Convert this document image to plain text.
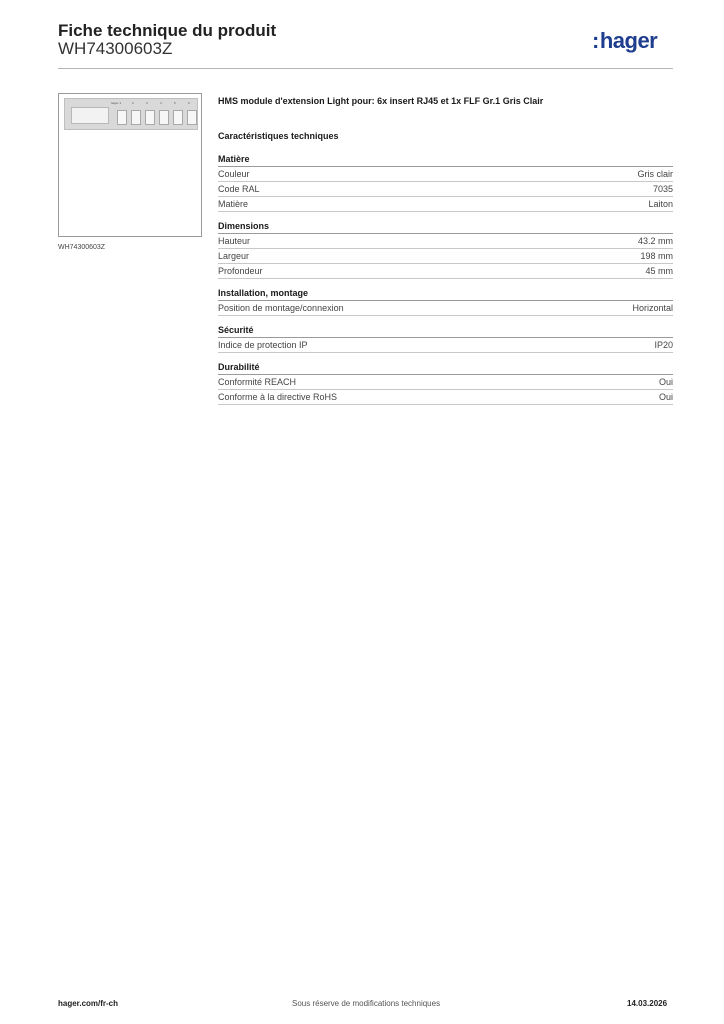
Fiche technique du produit
WH74300603Z	:hager
hager 1	2	3	4	5	6
WH74300603Z
HMS module d'extension Light pour: 6x insert RJ45 et 1x FLF Gr.1 Gris Clair
Caractéristiques techniques
Matière
Couleur	Gris clair
Code RAL	7035
Matière	Laiton
Dimensions
Hauteur	43.2 mm
Largeur	198 mm
Profondeur	45 mm
Installation, montage
Position de montage/connexion	Horizontal
Sécurité
Indice de protection IP	IP20
Durabilité
Conformité REACH	Oui
Conforme à la directive RoHS	Oui
hager.com/fr-ch	Sous réserve de modifications techniques	14.03.2026
